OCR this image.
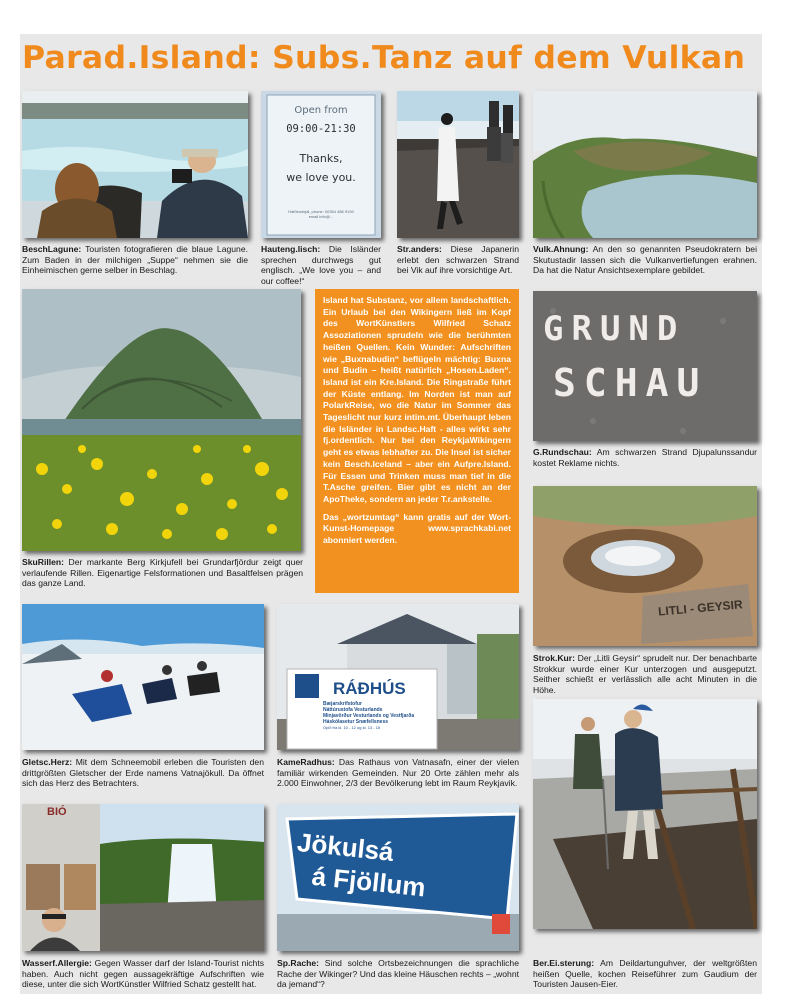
Parad.Island: Subs.Tanz auf dem Vulkan
Open from
09:00-21:30
Thanks,
we love you.
Hafðinsbrjál, phone: 00354 486 9190
email info@...
BeschLagune: Touristen fotografieren die blaue Lagune. Zum Baden in der milchigen „Suppe“ nehmen sie die Einheimischen gerne selber in Beschlag.
Hauteng.lisch: Die Isländer sprechen durchwegs gut englisch. „We love you – and our coffee!“
Str.anders: Diese Japanerin erlebt den schwarzen Strand bei Vik auf ihre vorsichtige Art.
Vulk.Ahnung: An den so genannten Pseudokratern bei Skutustadir lassen sich die Vulkanvertiefungen erahnen. Da hat die Natur Ansichtsexemplare gebildet.

Island hat Substanz, vor allem landschaftlich. Ein Urlaub bei den Wikingern ließ im Kopf des WortKünstlers Wilfried Schatz Assoziationen sprudeln wie die berühmten heißen Quellen. Kein Wunder: Aufschriften wie „Buxnabudin“ beflügeln mächtig: Buxna und Budin – heißt natürlich „Hosen.Laden“. Island ist ein Kre.Island. Die Ringstraße führt der Küste entlang. Im Norden ist man auf PolarkReise, wo die Natur im Sommer das Tageslicht nur kurz intim.mt. Überhaupt leben die Isländer in Landsc.Haft - alles wirkt sehr fj.ordentlich. Nur bei den ReykjaWikingern geht es etwas lebhafter zu. Die Insel ist sicher kein Besch.Iceland – aber ein Aufpre.Island. Für Essen und Trinken muss man tief in die T.Asche greifen. Bier gibt es nicht an der ApoTheke, sondern an jeder T.r.ankstelle.

Das „wortzumtag“ kann gratis auf der Wort-Kunst-Homepage www.sprachkabi.net abonniert werden.

GRUND
SCHAU
G.Rundschau: Am schwarzen Strand Djupalunssandur kostet Reklame nichts.
LITLI - GEYSIR
SkuRillen: Der markante Berg Kirkjufell bei Grundarfjördur zeigt quer verlaufende Rillen. Eigenartige Felsformationen und Basaltfelsen prägen das ganze Land.
Strok.Kur: Der „Litli Geysir“ sprudelt nur. Der benachbarte Strokkur wurde einer Kur unterzogen und ausgeputzt. Seither schießt er verlässlich alle acht Minuten in die Höhe.
RÁÐHÚS
Bæjarskrifstofur
Náttúrustofa Vesturlands
Minjavörður Vesturlands og Vestfjarða
Háskólasetur Snæfellsness
Opið frá kl. 10 - 12 og kl. 13 - 15
Gletsc.Herz: Mit dem Schneemobil erleben die Touristen den drittgrößten Gletscher der Erde namens Vatnajökull. Da öffnet sich das Herz des Betrachters.
KameRadhus: Das Rathaus von Vatnasafn, einer der vielen familiär wirkenden Gemeinden. Nur 20 Orte zählen mehr als 2.000 Einwohner, 2/3 der Bevölkerung lebt im Raum Reykjavik.
BIÓ
Jökulsá
á Fjöllum
Wasserf.Allergie: Gegen Wasser darf der Island-Tourist nichts haben. Auch nicht gegen aussagekräftige Aufschriften wie diese, unter die sich WortKünstler Wilfried Schatz gestellt hat.
Sp.Rache: Sind solche Ortsbezeichnungen die sprachliche Rache der Wikinger? Und das kleine Häuschen rechts – „wohnt da jemand“?
Ber.Ei.sterung: Am Deildartunguhver, der weltgrößten heißen Quelle, kochen Reiseführer zum Gaudium der Touristen Jausen-Eier.
